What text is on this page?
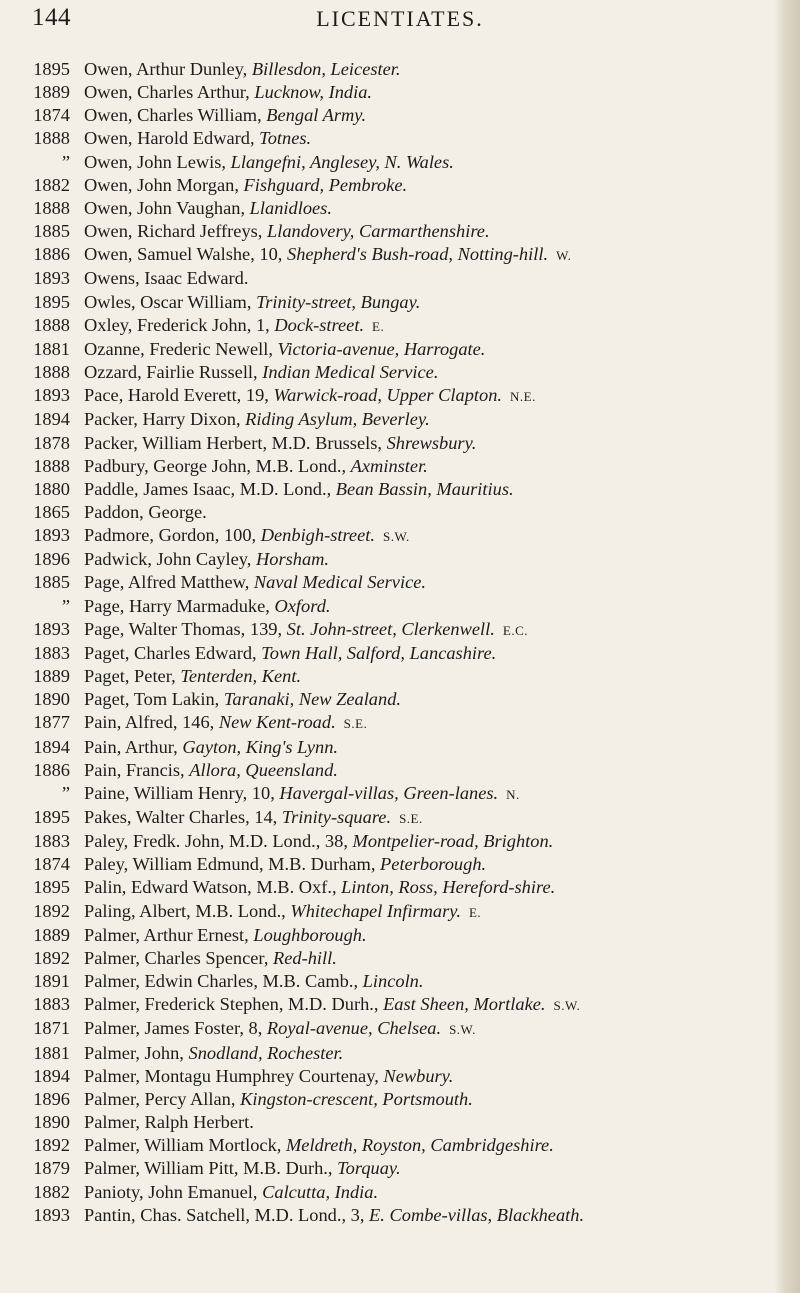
144	LICENTIATES.
1895 Owen, Arthur Dunley, Billesdon, Leicester.
1889 Owen, Charles Arthur, Lucknow, India.
1874 Owen, Charles William, Bengal Army.
1888 Owen, Harold Edward, Totnes.
” Owen, John Lewis, Llangefni, Anglesey, N. Wales.
1882 Owen, John Morgan, Fishguard, Pembroke.
1888 Owen, John Vaughan, Llanidloes.
1885 Owen, Richard Jeffreys, Llandovery, Carmarthenshire.
1886 Owen, Samuel Walshe, 10, Shepherd's Bush-road, Notting-hill. W.
1893 Owens, Isaac Edward.
1895 Owles, Oscar William, Trinity-street, Bungay.
1888 Oxley, Frederick John, 1, Dock-street. E.
1881 Ozanne, Frederic Newell, Victoria-avenue, Harrogate.
1888 Ozzard, Fairlie Russell, Indian Medical Service.
1893 Pace, Harold Everett, 19, Warwick-road, Upper Clapton. N.E.
1894 Packer, Harry Dixon, Riding Asylum, Beverley.
1878 Packer, William Herbert, M.D. Brussels, Shrewsbury.
1888 Padbury, George John, M.B. Lond., Axminster.
1880 Paddle, James Isaac, M.D. Lond., Bean Bassin, Mauritius.
1865 Paddon, George.
1893 Padmore, Gordon, 100, Denbigh-street. S.W.
1896 Padwick, John Cayley, Horsham.
1885 Page, Alfred Matthew, Naval Medical Service.
” Page, Harry Marmaduke, Oxford.
1893 Page, Walter Thomas, 139, St. John-street, Clerkenwell. E.C.
1883 Paget, Charles Edward, Town Hall, Salford, Lancashire.
1889 Paget, Peter, Tenterden, Kent.
1890 Paget, Tom Lakin, Taranaki, New Zealand.
1877 Pain, Alfred, 146, New Kent-road. S.E.
1894 Pain, Arthur, Gayton, King's Lynn.
1886 Pain, Francis, Allora, Queensland.
” Paine, William Henry, 10, Havergal-villas, Green-lanes. N.
1895 Pakes, Walter Charles, 14, Trinity-square. S.E.
1883 Paley, Fredk. John, M.D. Lond., 38, Montpelier-road, Brighton.
1874 Paley, William Edmund, M.B. Durham, Peterborough.
1895 Palin, Edward Watson, M.B. Oxf., Linton, Ross, Hereford-shire.
1892 Paling, Albert, M.B. Lond., Whitechapel Infirmary. E.
1889 Palmer, Arthur Ernest, Loughborough.
1892 Palmer, Charles Spencer, Red-hill.
1891 Palmer, Edwin Charles, M.B. Camb., Lincoln.
1883 Palmer, Frederick Stephen, M.D. Durh., East Sheen, Mortlake. S.W.
1871 Palmer, James Foster, 8, Royal-avenue, Chelsea. S.W.
1881 Palmer, John, Snodland, Rochester.
1894 Palmer, Montagu Humphrey Courtenay, Newbury.
1896 Palmer, Percy Allan, Kingston-crescent, Portsmouth.
1890 Palmer, Ralph Herbert.
1892 Palmer, William Mortlock, Meldreth, Royston, Cambridgeshire.
1879 Palmer, William Pitt, M.B. Durh., Torquay.
1882 Panioty, John Emanuel, Calcutta, India.
1893 Pantin, Chas. Satchell, M.D. Lond., 3, E. Combe-villas, Blackheath.
